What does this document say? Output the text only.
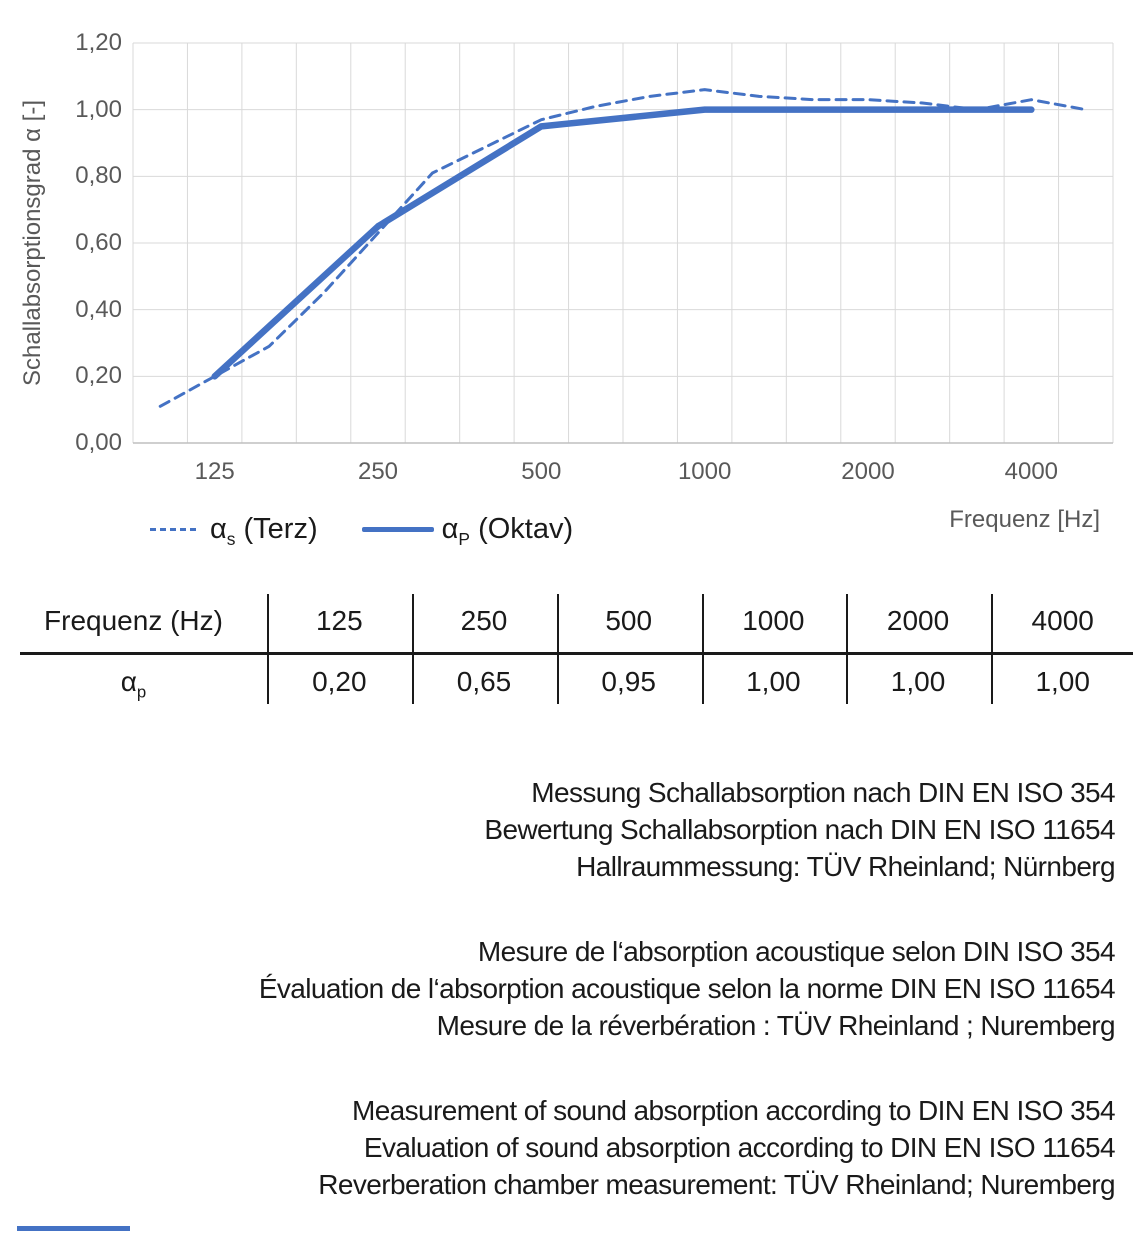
Schallabsorptionsgrad α [-]
0,00
0,20
0,40
0,60
0,80
1,00
1,20
125	250	500	1000	2000	4000
$\alpha_s$ (Terz)	$\alpha_P$ (Oktav)	Frequenz [Hz]
Frequenz (Hz)	125	250	500	1000	2000	4000
$\alpha_p$	0,20	0,65	0,95	1,00	1,00	1,00
Messung Schallabsorption nach DIN EN ISO 354
Bewertung Schallabsorption nach DIN EN ISO 11654
Hallraummessung: TÜV Rheinland; Nürnberg
Mesure de l‘absorption acoustique selon DIN ISO 354
Évaluation de l‘absorption acoustique selon la norme DIN EN ISO 11654
Mesure de la réverbération : TÜV Rheinland ; Nuremberg
Measurement of sound absorption according to DIN EN ISO 354
Evaluation of sound absorption according to DIN EN ISO 11654
Reverberation chamber measurement: TÜV Rheinland; Nuremberg
